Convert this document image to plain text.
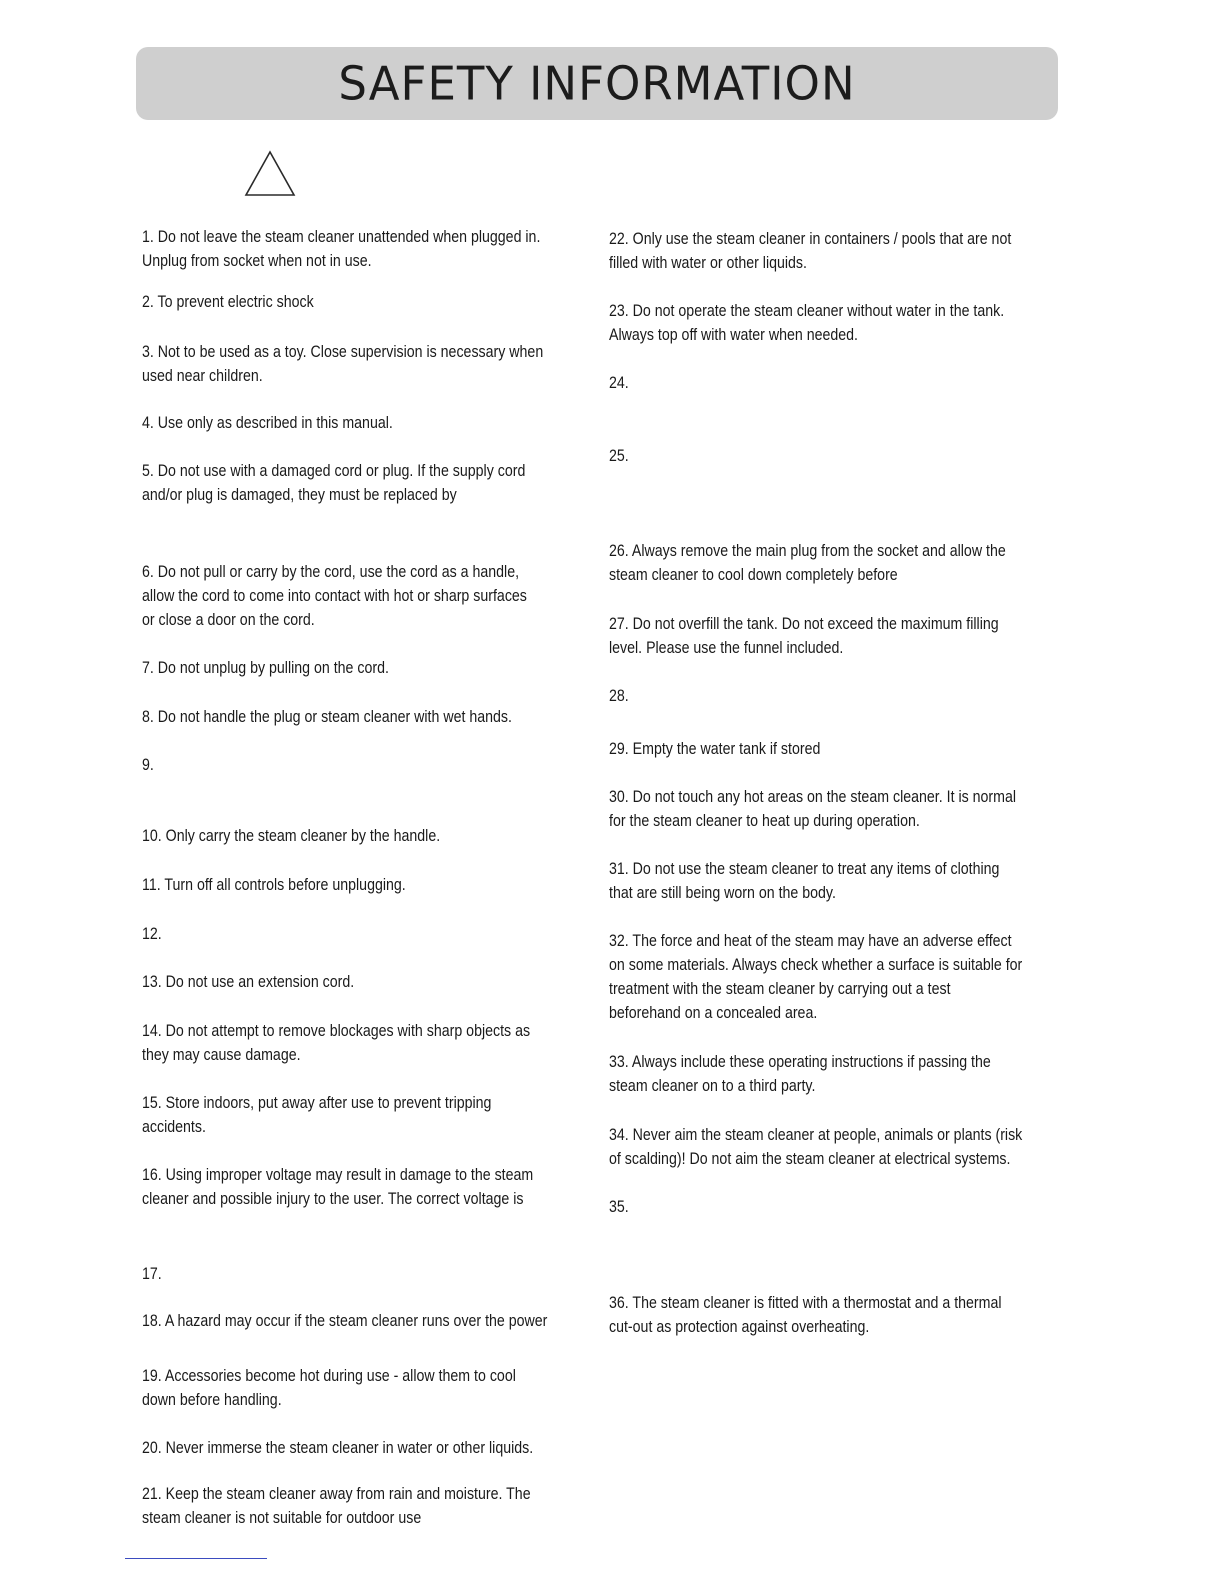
SAFETY INFORMATION
1. Do not leave the steam cleaner unattended when plugged in.
Unplug from socket when not in use.
2. To prevent electric shock
3. Not to be used as a toy. Close supervision is necessary when
used near children.
4. Use only as described in this manual.
5. Do not use with a damaged cord or plug. If the supply cord
and/or plug is damaged, they must be replaced by
6. Do not pull or carry by the cord, use the cord as a handle,
allow the cord to come into contact with hot or sharp surfaces
or close a door on the cord.
7. Do not unplug by pulling on the cord.
8. Do not handle the plug or steam cleaner with wet hands.
9.
10. Only carry the steam cleaner by the handle.
11. Turn off all controls before unplugging.
12.
13. Do not use an extension cord.
14. Do not attempt to remove blockages with sharp objects as
they may cause damage.
15. Store indoors, put away after use to prevent tripping
accidents.
16. Using improper voltage may result in damage to the steam
cleaner and possible injury to the user. The correct voltage is
17.
18. A hazard may occur if the steam cleaner runs over the power
19. Accessories become hot during use - allow them to cool
down before handling.
20. Never immerse the steam cleaner in water or other liquids.
21. Keep the steam cleaner away from rain and moisture. The
steam cleaner is not suitable for outdoor use
22. Only use the steam cleaner in containers / pools that are not
filled with water or other liquids.
23. Do not operate the steam cleaner without water in the tank.
Always top off with water when needed.
24.
25.
26. Always remove the main plug from the socket and allow the
steam cleaner to cool down completely before
27. Do not overfill the tank. Do not exceed the maximum filling
level. Please use the funnel included.
28.
29. Empty the water tank if stored
30. Do not touch any hot areas on the steam cleaner. It is normal
for the steam cleaner to heat up during operation.
31. Do not use the steam cleaner to treat any items of clothing
that are still being worn on the body.
32. The force and heat of the steam may have an adverse effect
on some materials. Always check whether a surface is suitable for
treatment with the steam cleaner by carrying out a test
beforehand on a concealed area.
33. Always include these operating instructions if passing the
steam cleaner on to a third party.
34. Never aim the steam cleaner at people, animals or plants (risk
of scalding)! Do not aim the steam cleaner at electrical systems.
35.
36. The steam cleaner is fitted with a thermostat and a thermal
cut-out as protection against overheating.
